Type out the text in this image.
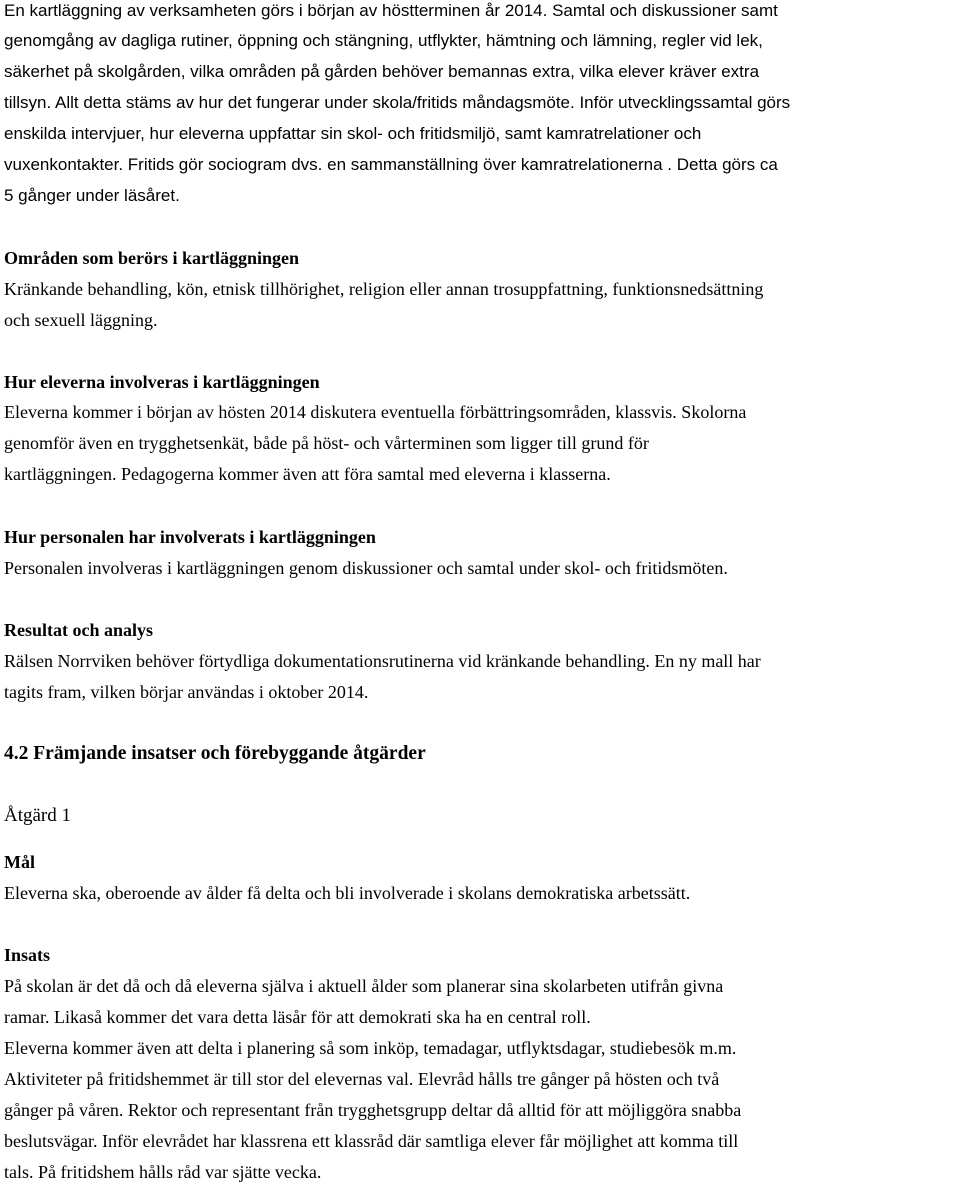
En kartläggning av verksamheten görs i början av höstterminen år 2014. Samtal och diskussioner samt
genomgång av dagliga rutiner, öppning och stängning, utflykter, hämtning och lämning, regler vid lek,
säkerhet på skolgården, vilka områden på gården behöver bemannas extra, vilka elever kräver extra
tillsyn. Allt detta stäms av hur det fungerar under skola/fritids måndagsmöte. Inför utvecklingssamtal görs
enskilda intervjuer, hur eleverna uppfattar sin skol- och fritidsmiljö, samt kamratrelationer och
vuxenkontakter. Fritids gör sociogram dvs. en sammanställning över kamratrelationerna . Detta görs ca
5 gånger under läsåret.
Områden som berörs i kartläggningen
Kränkande behandling, kön, etnisk tillhörighet, religion eller annan trosuppfattning, funktionsnedsättning
och sexuell läggning.
Hur eleverna involveras i kartläggningen
Eleverna kommer i början av hösten 2014 diskutera eventuella förbättringsområden, klassvis. Skolorna
genomför även en trygghetsenkät, både på höst- och vårterminen som ligger till grund för
kartläggningen. Pedagogerna kommer även att föra samtal med eleverna i klasserna.
Hur personalen har involverats i kartläggningen
Personalen involveras i kartläggningen genom diskussioner och samtal under skol- och fritidsmöten.
Resultat och analys
Rälsen Norrviken behöver förtydliga dokumentationsrutinerna vid kränkande behandling. En ny mall har
tagits fram, vilken börjar användas i oktober 2014.
4.2 Främjande insatser och förebyggande åtgärder
Åtgärd 1
Mål
Eleverna ska, oberoende av ålder få delta och bli involverade i skolans demokratiska arbetssätt.
Insats
På skolan är det då och då eleverna själva i aktuell ålder som planerar sina skolarbeten utifrån givna
ramar. Likaså kommer det vara detta läsår för att demokrati ska ha en central roll.
Eleverna kommer även att delta i planering så som inköp, temadagar, utflyktsdagar, studiebesök m.m.
Aktiviteter på fritidshemmet är till stor del elevernas val. Elevråd hålls tre gånger på hösten och två
gånger på våren. Rektor och representant från trygghetsgrupp deltar då alltid för att möjliggöra snabba
beslutsvägar. Inför elevrådet har klassrena ett klassråd där samtliga elever får möjlighet att komma till
tals. På fritidshem hålls råd var sjätte vecka.
